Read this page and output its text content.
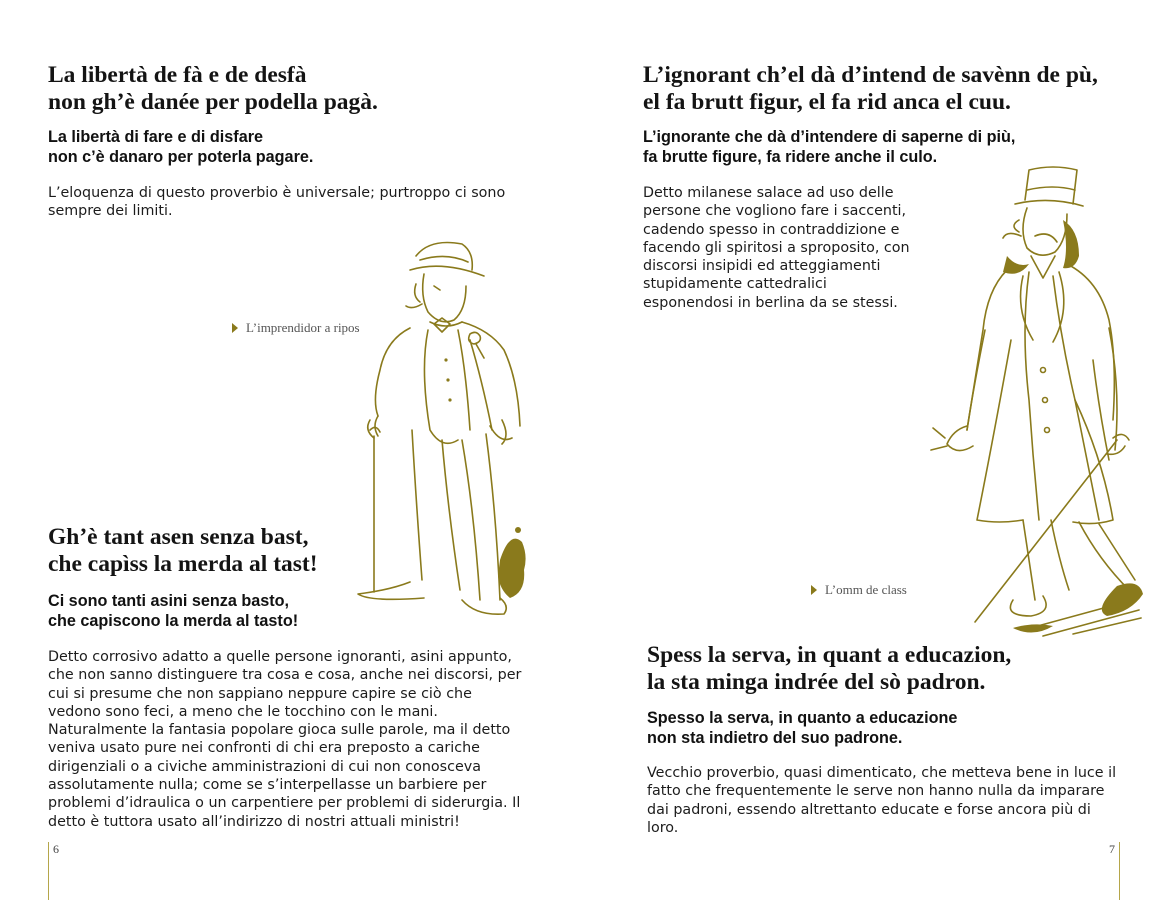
La libertà de fà e de desfà
non gh’è danée per podella pagà.
La libertà di fare e di disfare
non c’è danaro per poterla pagare.

L’eloquenza di questo proverbio è universale; purtroppo ci sono
sempre dei limiti.

L’imprendidor a ripos
Gh’è tant asen senza bast,
che capìss la merda al tast!
Ci sono tanti asini senza basto,
che capiscono la merda al tasto!

Detto corrosivo adatto a quelle persone ignoranti, asini appunto,
che non sanno distinguere tra cosa e cosa, anche nei discorsi, per
cui si presume che non sappiano neppure capire se ciò che
vedono sono feci, a meno che le tocchino con le mani.
Naturalmente la fantasia popolare gioca sulle parole, ma il detto
veniva usato pure nei confronti di chi era preposto a cariche
dirigenziali o a civiche amministrazioni di cui non conosceva
assolutamente nulla; come se s’interpellasse un barbiere per
problemi d’idraulica o un carpentiere per problemi di siderurgia. Il
detto è tuttora usato all’indirizzo di nostri attuali ministri!

6
L’ignorant ch’el dà d’intend de savènn de pù,
el fa brutt figur, el fa rid anca el cuu.
L’ignorante che dà d’intendere di saperne di più,
fa brutte figure, fa ridere anche il culo.

Detto milanese salace ad uso delle
persone che vogliono fare i saccenti,
cadendo spesso in contraddizione e
facendo gli spiritosi a sproposito, con
discorsi insipidi ed atteggiamenti
stupidamente cattedralici
esponendosi in berlina da se stessi.

L’omm de class
Spess la serva, in quant a educazion,
la sta minga indrée del sò padron.
Spesso la serva, in quanto a educazione
non sta indietro del suo padrone.

Vecchio proverbio, quasi dimenticato, che metteva bene in luce il
fatto che frequentemente le serve non hanno nulla da imparare
dai padroni, essendo altrettanto educate e forse ancora più di
loro.

7
